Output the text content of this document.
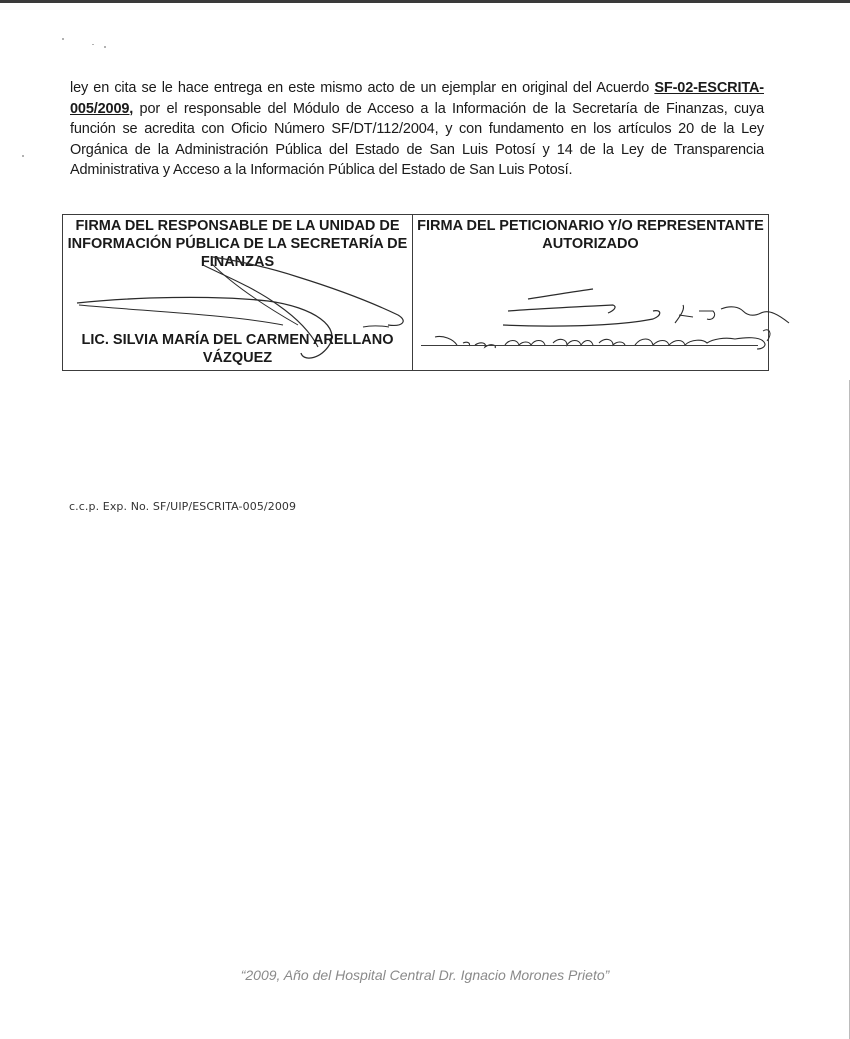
ley en cita se le hace entrega en este mismo acto de un ejemplar en original del Acuerdo SF-02-ESCRITA-005/2009, por el responsable del Módulo de Acceso a la Información de la Secretaría de Finanzas, cuya función se acredita con Oficio Número SF/DT/112/2004, y con fundamento en los artículos 20 de la Ley Orgánica de la Administración Pública del Estado de San Luis Potosí y 14 de la Ley de Transparencia Administrativa y Acceso a la Información Pública del Estado de San Luis Potosí.
FIRMA DEL RESPONSABLE DE LA UNIDAD DE
INFORMACIÓN PÚBLICA DE LA SECRETARÍA DE
FINANZAS
LIC. SILVIA MARÍA DEL CARMEN ARELLANO
VÁZQUEZ
FIRMA DEL PETICIONARIO Y/O REPRESENTANTE
AUTORIZADO
c.c.p. Exp. No. SF/UIP/ESCRITA-005/2009
“2009, Año del Hospital Central Dr. Ignacio Morones Prieto”
